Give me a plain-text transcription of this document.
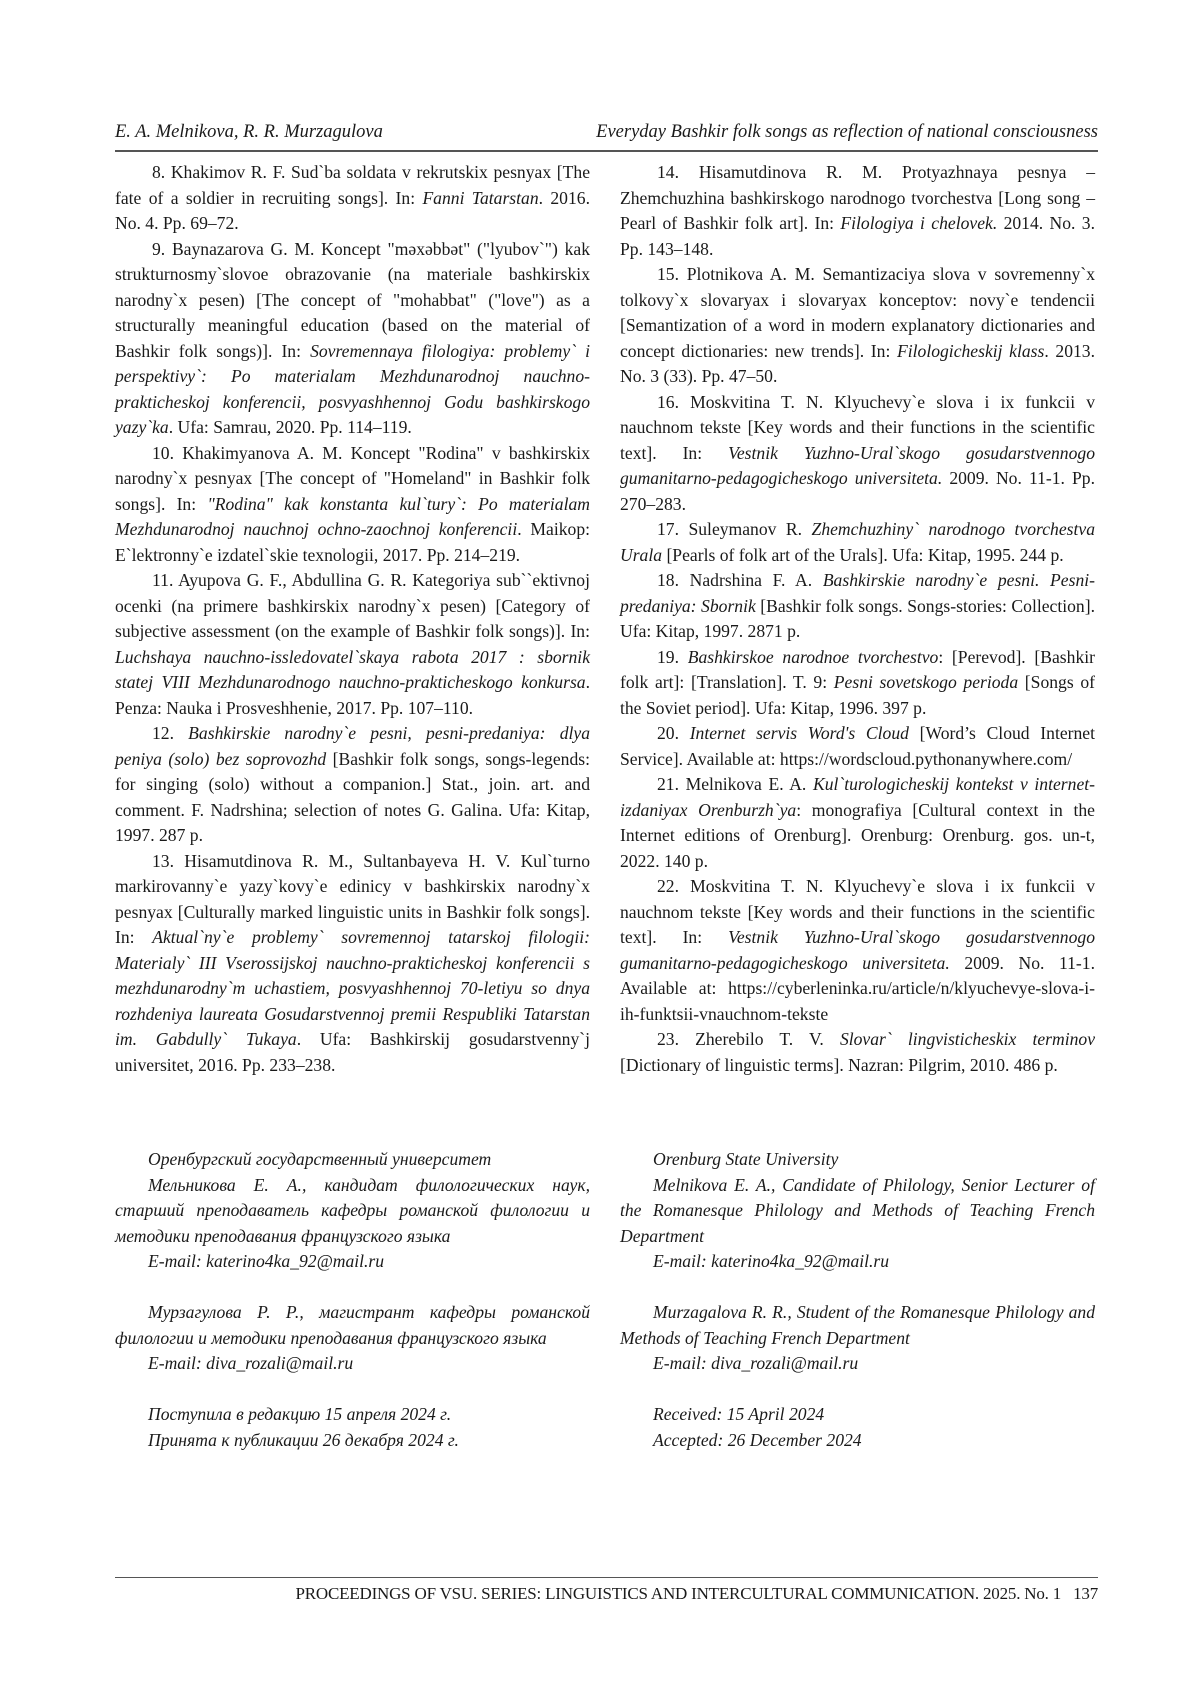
E. A. Melnikova, R. R. Murzagulova	Everyday Bashkir folk songs as reflection of national consciousness

8. Khakimov R. F. Sud`ba soldata v rekrutskix pesnyax [The fate of a soldier in recruiting songs]. In: Fanni Tatarstan. 2016. No. 4. Pp. 69–72.

9. Baynazarova G. M. Koncept "məxəbbət" ("lyubov`") kak strukturnosmy`slovoe obrazovanie (na materiale bashkirskix narodny`x pesen) [The concept of "mohabbat" ("love") as a structurally meaningful education (based on the material of Bashkir folk songs)]. In: Sovremennaya filologiya: problemy` i perspektivy`: Po materialam Mezhdunarodnoj nauchno-prakticheskoj konferencii, posvyashhennoj Godu bashkirskogo yazy`ka. Ufa: Samrau, 2020. Pp. 114–119.

10. Khakimyanova A. M. Koncept "Rodina" v bashkirskix narodny`x pesnyax [The concept of "Homeland" in Bashkir folk songs]. In: "Rodina" kak konstanta kul`tury`: Po materialam Mezhdunarodnoj nauchnoj ochno-zaochnoj konferencii. Maikop: E`lektronny`e izdatel`skie texnologii, 2017. Pp. 214–219.

11. Ayupova G. F., Abdullina G. R. Kategoriya sub``ektivnoj ocenki (na primere bashkirskix narodny`x pesen) [Category of subjective assessment (on the example of Bashkir folk songs)]. In: Luchshaya nauchno-issledovatel`skaya rabota 2017 : sbornik statej VIII Mezhdunarodnogo nauchno-prakticheskogo konkursa. Penza: Nauka i Prosveshhenie, 2017. Pp. 107–110.

12. Bashkirskie narodny`e pesni, pesni-predaniya: dlya peniya (solo) bez soprovozhd [Bashkir folk songs, songs-legends: for singing (solo) without a companion.] Stat., join. art. and comment. F. Nadrshina; selection of notes G. Galina. Ufa: Kitap, 1997. 287 p.

13. Hisamutdinova R. M., Sultanbayeva H. V. Kul`turno markirovanny`e yazy`kovy`e edinicy v bashkirskix narodny`x pesnyax [Culturally marked linguistic units in Bashkir folk songs]. In: Aktual`ny`e problemy` sovremennoj tatarskoj filologii: Materialy` III Vserossijskoj nauchno-prakticheskoj konferencii s mezhdunarodny`m uchastiem, posvyashhennoj 70-letiyu so dnya rozhdeniya laureata Gosudarstvennoj premii Respubliki Tatarstan im. Gabdully` Tukaya. Ufa: Bashkirskij gosudarstvenny`j universitet, 2016. Pp. 233–238.

14. Hisamutdinova R. M. Protyazhnaya pesnya – Zhemchuzhina bashkirskogo narodnogo tvorchestva [Long song – Pearl of Bashkir folk art]. In: Filologiya i chelovek. 2014. No. 3. Pp. 143–148.

15. Plotnikova A. M. Semantizaciya slova v sovremenny`x tolkovy`x slovaryax i slovaryax konceptov: novy`e tendencii [Semantization of a word in modern explanatory dictionaries and concept dictionaries: new trends]. In: Filologicheskij klass. 2013. No. 3 (33). Pp. 47–50.

16. Moskvitina T. N. Klyuchevy`e slova i ix funkcii v nauchnom tekste [Key words and their functions in the scientific text]. In: Vestnik Yuzhno-Ural`skogo gosudarstvennogo gumanitarno-pedagogicheskogo universiteta. 2009. No. 11-1. Pp. 270–283.

17. Suleymanov R. Zhemchuzhiny` narodnogo tvorchestva Urala [Pearls of folk art of the Urals]. Ufa: Kitap, 1995. 244 p.

18. Nadrshina F. A. Bashkirskie narodny`e pesni. Pesni-predaniya: Sbornik [Bashkir folk songs. Songs-stories: Collection]. Ufa: Kitap, 1997. 2871 p.

19. Bashkirskoe narodnoe tvorchestvo: [Perevod]. [Bashkir folk art]: [Translation]. T. 9: Pesni sovetskogo perioda [Songs of the Soviet period]. Ufa: Kitap, 1996. 397 p.

20. Internet servis Word's Cloud [Word’s Cloud Internet Service]. Available at: https://wordscloud.pythonanywhere.com/

21. Melnikova E. A. Kul`turologicheskij kontekst v internet-izdaniyax Orenburzh`ya: monografiya [Cultural context in the Internet editions of Orenburg]. Orenburg: Orenburg. gos. un-t, 2022. 140 p.

22. Moskvitina T. N. Klyuchevy`e slova i ix funkcii v nauchnom tekste [Key words and their functions in the scientific text]. In: Vestnik Yuzhno-Ural`skogo gosudarstvennogo gumanitarno-pedagogicheskogo universiteta. 2009. No. 11-1. Available at: https://cyberleninka.ru/article/n/klyuchevye-slova-i-ih-funktsii-vnauchnom-tekste

23. Zherebilo T. V. Slovar` lingvisticheskix terminov [Dictionary of linguistic terms]. Nazran: Pilgrim, 2010. 486 p.

Оренбургский государственный университет

Мельникова Е. А., кандидат филологических наук, старший преподаватель кафедры романской филологии и методики преподавания французского языка

E-mail: katerino4ka_92@mail.ru

Мурзагулова Р. Р., магистрант кафедры романской филологии и методики преподавания французского языка

E-mail: diva_rozali@mail.ru

Поступила в редакцию 15 апреля 2024 г.

Принята к публикации 26 декабря 2024 г.

Orenburg State University

Melnikova E. A., Candidate of Philology, Senior Lecturer of the Romanesque Philology and Methods of Teaching French Department

E-mail: katerino4ka_92@mail.ru

Murzagalova R. R., Student of the Romanesque Philology and Methods of Teaching French Department

E-mail: diva_rozali@mail.ru

Received: 15 April 2024

Accepted: 26 December 2024

PROCEEDINGS OF VSU. SERIES: LINGUISTICS AND INTERCULTURAL COMMUNICATION. 2025. No. 1 137
